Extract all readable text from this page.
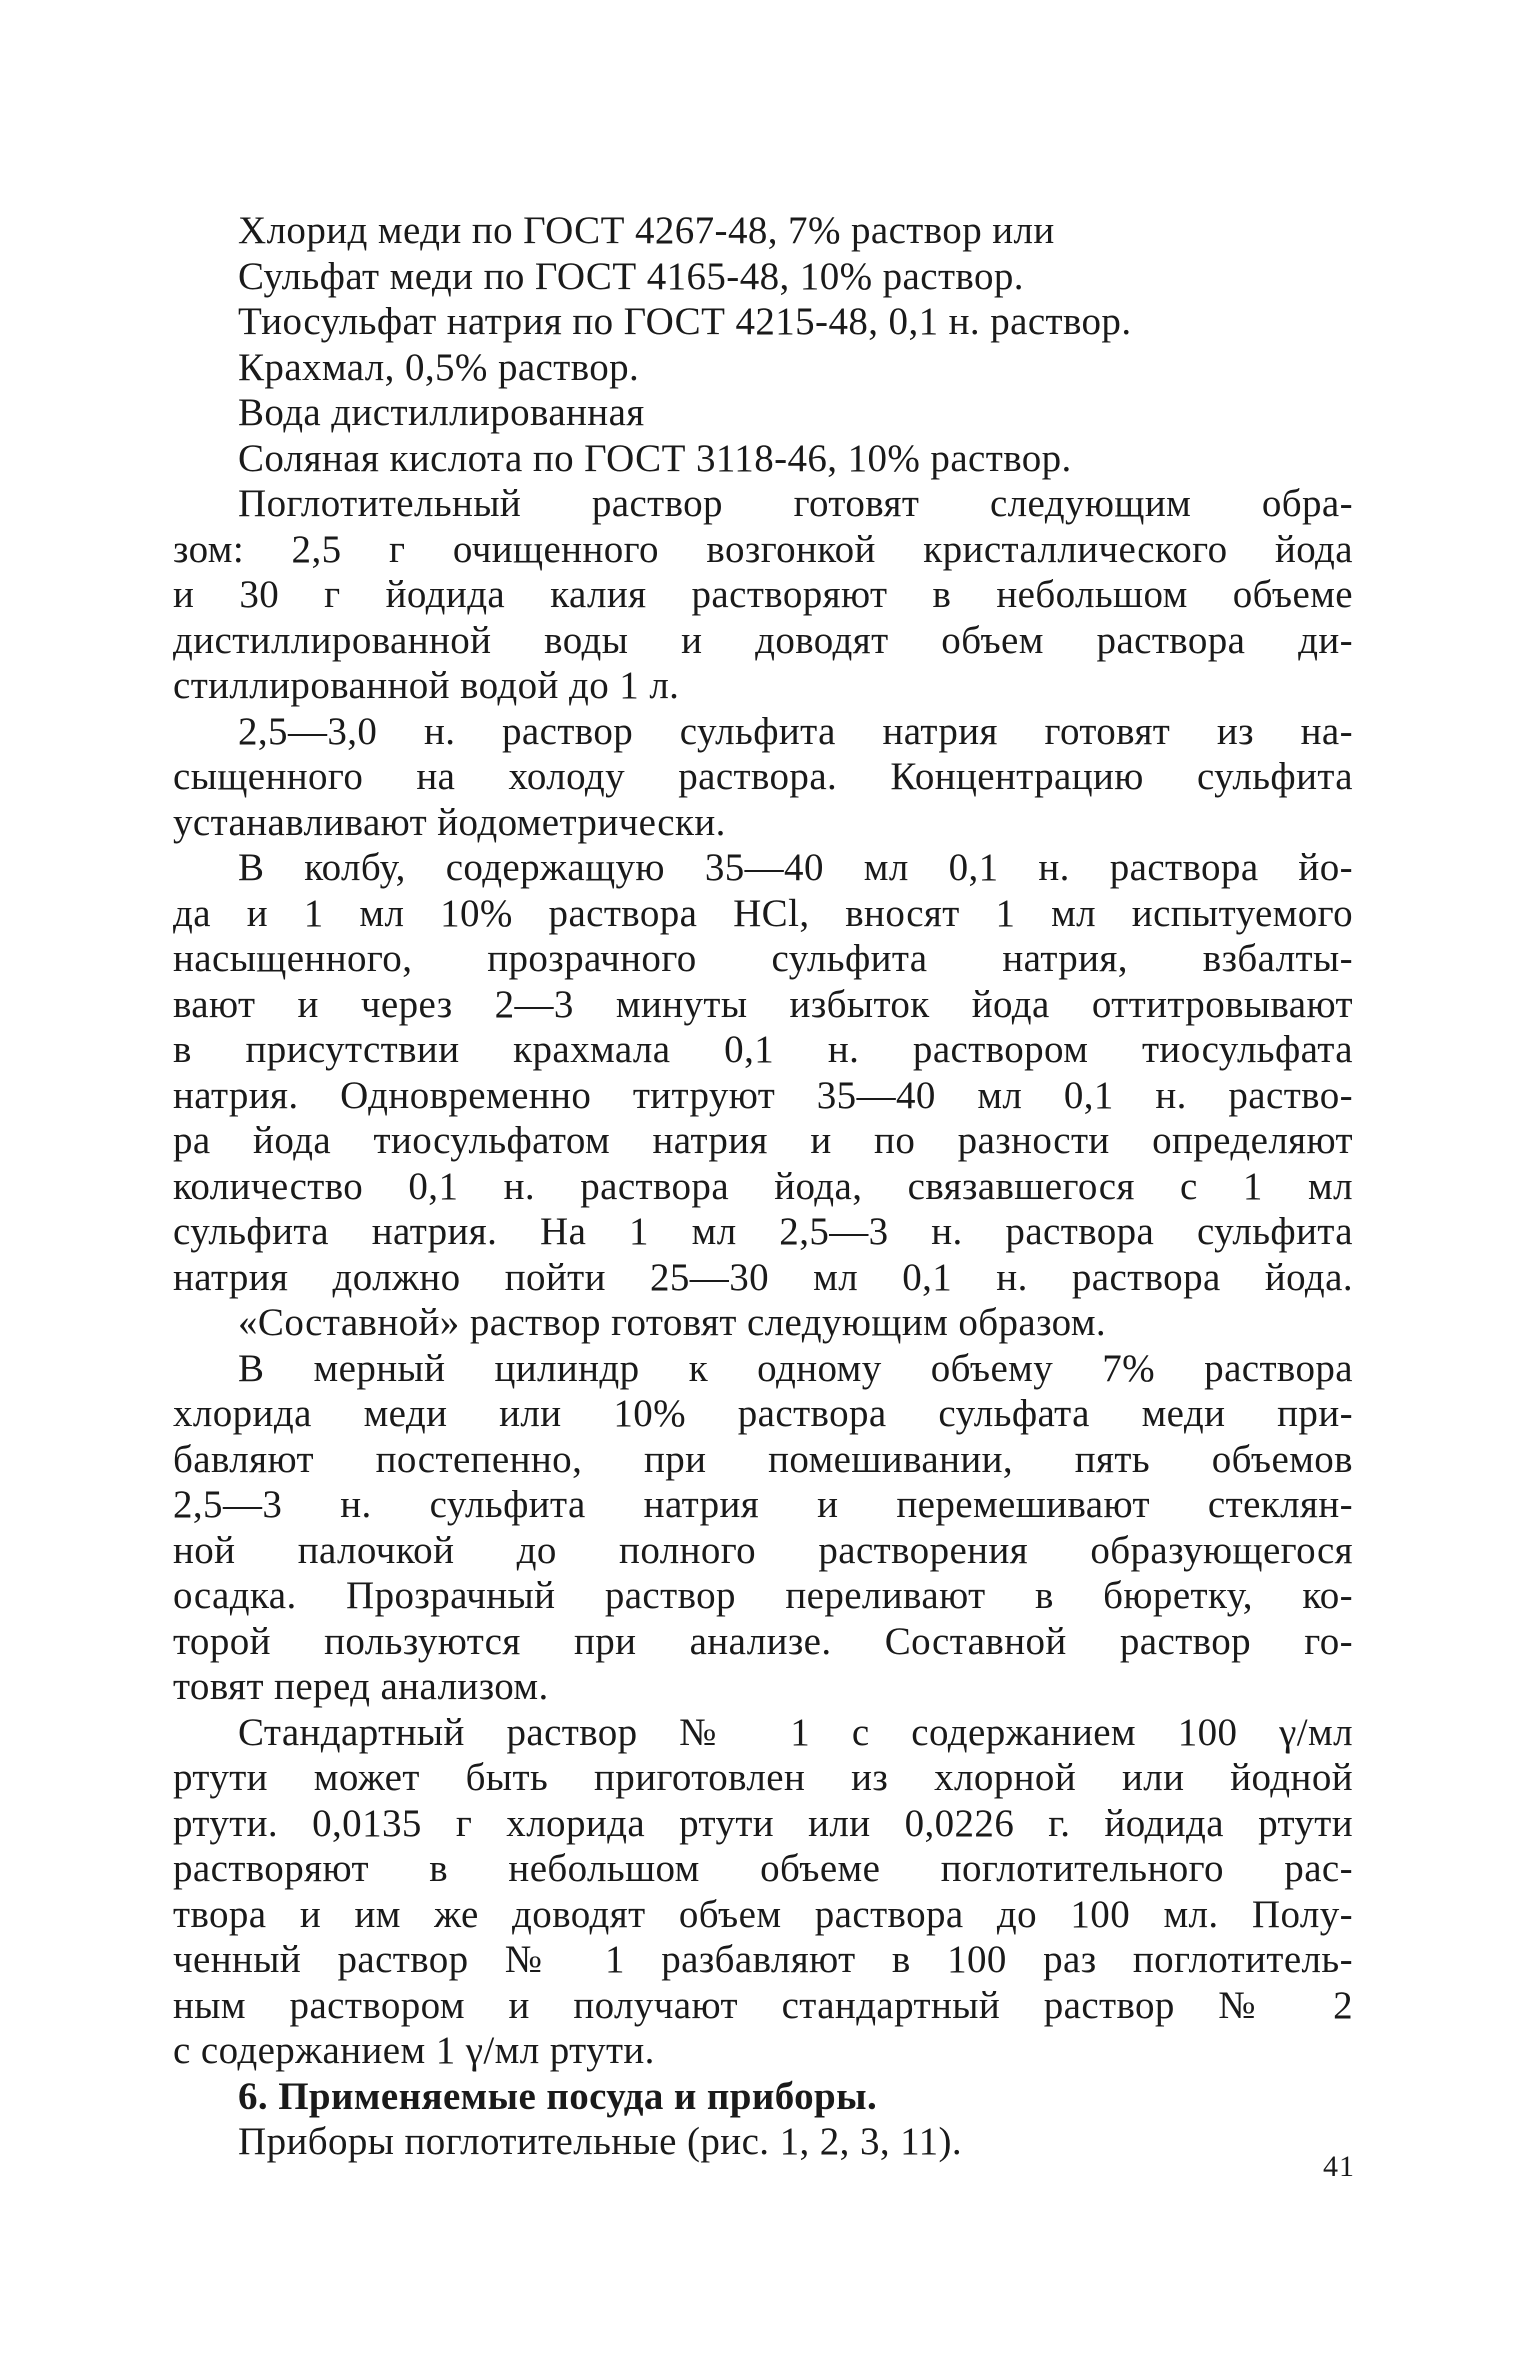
Хлорид меди по ГОСТ 4267-48, 7% раствор или
Сульфат меди по ГОСТ 4165-48, 10% раствор.
Тиосульфат натрия по ГОСТ 4215-48, 0,1 н. раствор.
Крахмал, 0,5% раствор.
Вода дистиллированная
Соляная кислота по ГОСТ 3118-46, 10% раствор.
Поглотительный раствор готовят следующим обра-
зом: 2,5 г очищенного возгонкой кристаллического йода
и 30 г йодида калия растворяют в небольшом объеме
дистиллированной воды и доводят объем раствора ди-
стиллированной водой до 1 л.
2,5—3,0 н. раствор сульфита натрия готовят из на-
сыщенного на холоду раствора. Концентрацию сульфита
устанавливают йодометрически.
В колбу, содержащую 35—40 мл 0,1 н. раствора йо-
да и 1 мл 10% раствора HCl, вносят 1 мл испытуемого
насыщенного, прозрачного сульфита натрия, взбалты-
вают и через 2—3 минуты избыток йода оттитровывают
в присутствии крахмала 0,1 н. раствором тиосульфата
натрия. Одновременно титруют 35—40 мл 0,1 н. раство-
ра йода тиосульфатом натрия и по разности определяют
количество 0,1 н. раствора йода, связавшегося с 1 мл
сульфита натрия. На 1 мл 2,5—3 н. раствора сульфита
натрия должно пойти 25—30 мл 0,1 н. раствора йода.
«Составной» раствор готовят следующим образом.
В мерный цилиндр к одному объему 7% раствора
хлорида меди или 10% раствора сульфата меди при-
бавляют постепенно, при помешивании, пять объемов
2,5—3 н. сульфита натрия и перемешивают стеклян-
ной палочкой до полного растворения образующегося
осадка. Прозрачный раствор переливают в бюретку, ко-
торой пользуются при анализе. Составной раствор го-
товят перед анализом.
Стандартный раствор № 1 с содержанием 100 γ/мл
ртути может быть приготовлен из хлорной или йодной
ртути. 0,0135 г хлорида ртути или 0,0226 г. йодида ртути
растворяют в небольшом объеме поглотительного рас-
твора и им же доводят объем раствора до 100 мл. Полу-
ченный раствор № 1 разбавляют в 100 раз поглотитель-
ным раствором и получают стандартный раствор № 2
с содержанием 1 γ/мл ртути.
6. Применяемые посуда и приборы.
Приборы поглотительные (рис. 1, 2, 3, 11).
41
